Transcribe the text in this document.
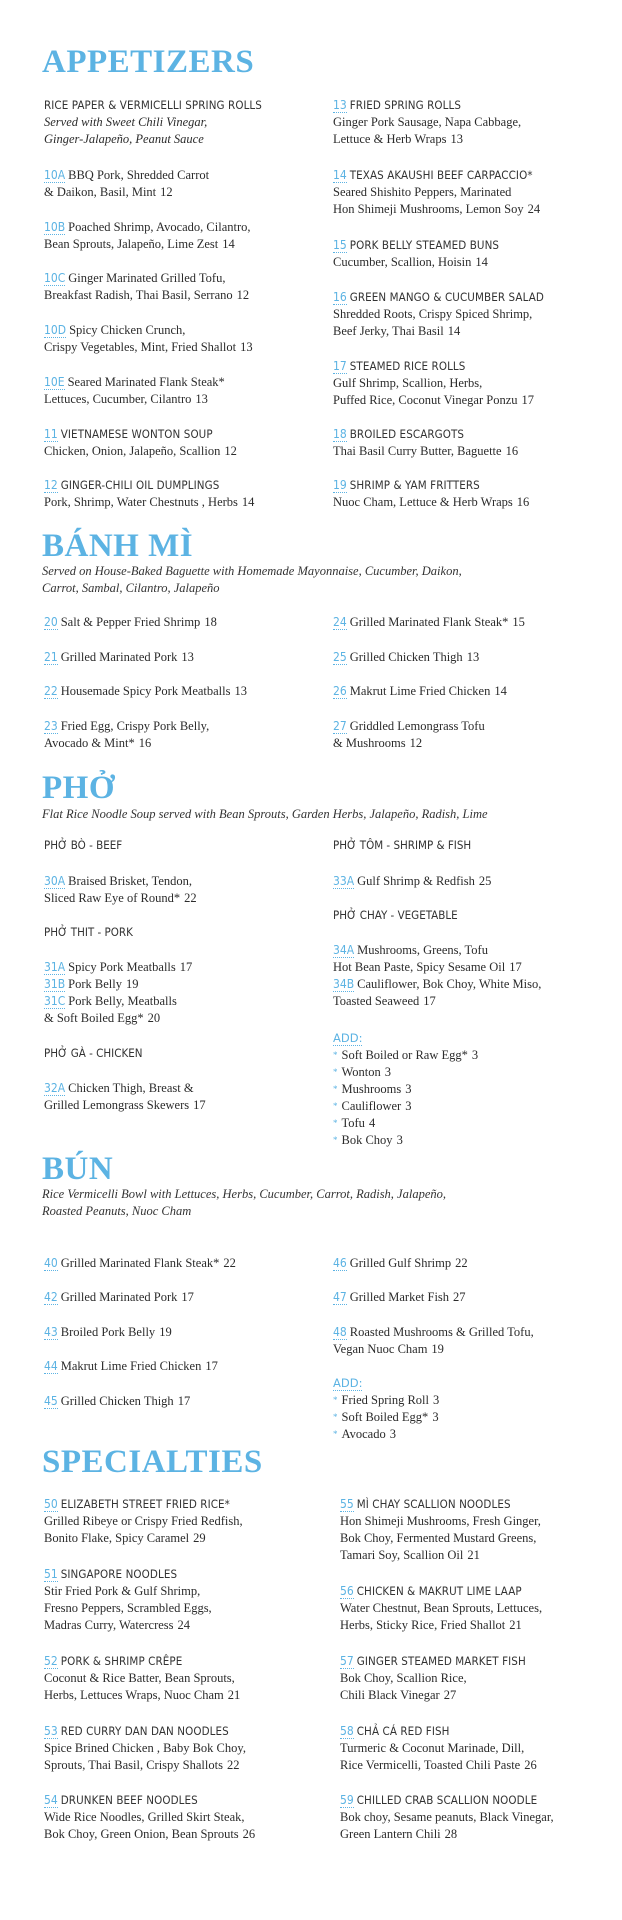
APPETIZERS
RICE PAPER & VERMICELLI SPRING ROLLS
Served with Sweet Chili Vinegar,
Ginger-Jalapeño, Peanut Sauce
10A BBQ Pork, Shredded Carrot
& Daikon, Basil, Mint 12
10B Poached Shrimp, Avocado, Cilantro,
Bean Sprouts, Jalapeño, Lime Zest 14
10C Ginger Marinated Grilled Tofu,
Breakfast Radish, Thai Basil, Serrano 12
10D Spicy Chicken Crunch,
Crispy Vegetables, Mint, Fried Shallot 13
10E Seared Marinated Flank Steak*
Lettuces, Cucumber, Cilantro 13
11 VIETNAMESE WONTON SOUP
Chicken, Onion, Jalapeño, Scallion 12
12 GINGER-CHILI OIL DUMPLINGS
Pork, Shrimp, Water Chestnuts , Herbs 14
13 FRIED SPRING ROLLS
Ginger Pork Sausage, Napa Cabbage,
Lettuce & Herb Wraps 13
14 TEXAS AKAUSHI BEEF CARPACCIO*
Seared Shishito Peppers, Marinated
Hon Shimeji Mushrooms, Lemon Soy 24
15 PORK BELLY STEAMED BUNS
Cucumber, Scallion, Hoisin 14
16 GREEN MANGO & CUCUMBER SALAD
Shredded Roots, Crispy Spiced Shrimp,
Beef Jerky, Thai Basil 14
17 STEAMED RICE ROLLS
Gulf Shrimp, Scallion, Herbs,
Puffed Rice, Coconut Vinegar Ponzu 17
18 BROILED ESCARGOTS
Thai Basil Curry Butter, Baguette 16
19 SHRIMP & YAM FRITTERS
Nuoc Cham, Lettuce & Herb Wraps 16
BÁNH MÌ

Served on House-Baked Baguette with Homemade Mayonnaise, Cucumber, Daikon,
Carrot, Sambal, Cilantro, Jalapeño

20 Salt & Pepper Fried Shrimp 18
21 Grilled Marinated Pork 13
22 Housemade Spicy Pork Meatballs 13
23 Fried Egg, Crispy Pork Belly,
Avocado & Mint* 16
24 Grilled Marinated Flank Steak* 15
25 Grilled Chicken Thigh 13
26 Makrut Lime Fried Chicken 14
27 Griddled Lemongrass Tofu
& Mushrooms 12
PHỞ

Flat Rice Noodle Soup served with Bean Sprouts, Garden Herbs, Jalapeño, Radish, Lime

PHỞ BÒ - BEEF
30A Braised Brisket, Tendon,
Sliced Raw Eye of Round* 22
PHỞ THIT - PORK
31A Spicy Pork Meatballs 17
31B Pork Belly 19
31C Pork Belly, Meatballs
& Soft Boiled Egg* 20
PHỞ GÀ - CHICKEN
32A Chicken Thigh, Breast &
Grilled Lemongrass Skewers 17
PHỞ TÔM - SHRIMP & FISH
33A Gulf Shrimp & Redfish 25
PHỞ CHAY - VEGETABLE
34A Mushrooms, Greens, Tofu
Hot Bean Paste, Spicy Sesame Oil 17
34B Cauliflower, Bok Choy, White Miso,
Toasted Seaweed 17
ADD:
* Soft Boiled or Raw Egg* 3
* Wonton 3
* Mushrooms 3
* Cauliflower 3
* Tofu 4
* Bok Choy 3
BÚN

Rice Vermicelli Bowl with Lettuces, Herbs, Cucumber, Carrot, Radish, Jalapeño,
Roasted Peanuts, Nuoc Cham

40 Grilled Marinated Flank Steak* 22
42 Grilled Marinated Pork 17
43 Broiled Pork Belly 19
44 Makrut Lime Fried Chicken 17
45 Grilled Chicken Thigh 17
46 Grilled Gulf Shrimp 22
47 Grilled Market Fish 27
48 Roasted Mushrooms & Grilled Tofu,
Vegan Nuoc Cham 19
ADD:
* Fried Spring Roll 3
* Soft Boiled Egg* 3
* Avocado 3
SPECIALTIES
50 ELIZABETH STREET FRIED RICE*
Grilled Ribeye or Crispy Fried Redfish,
Bonito Flake, Spicy Caramel 29
51 SINGAPORE NOODLES
Stir Fried Pork & Gulf Shrimp,
Fresno Peppers, Scrambled Eggs,
Madras Curry, Watercress 24
52 PORK & SHRIMP CRÊPE
Coconut & Rice Batter, Bean Sprouts,
Herbs, Lettuces Wraps, Nuoc Cham 21
53 RED CURRY DAN DAN NOODLES
Spice Brined Chicken , Baby Bok Choy,
Sprouts, Thai Basil, Crispy Shallots 22
54 DRUNKEN BEEF NOODLES
Wide Rice Noodles, Grilled Skirt Steak,
Bok Choy, Green Onion, Bean Sprouts 26
55 MÌ CHAY SCALLION NOODLES
Hon Shimeji Mushrooms, Fresh Ginger,
Bok Choy, Fermented Mustard Greens,
Tamari Soy, Scallion Oil 21
56 CHICKEN & MAKRUT LIME LAAP
Water Chestnut, Bean Sprouts, Lettuces,
Herbs, Sticky Rice, Fried Shallot 21
57 GINGER STEAMED MARKET FISH
Bok Choy, Scallion Rice,
Chili Black Vinegar 27
58 CHẢ CÁ RED FISH
Turmeric & Coconut Marinade, Dill,
Rice Vermicelli, Toasted Chili Paste 26
59 CHILLED CRAB SCALLION NOODLE
Bok choy, Sesame peanuts, Black Vinegar,
Green Lantern Chili 28
